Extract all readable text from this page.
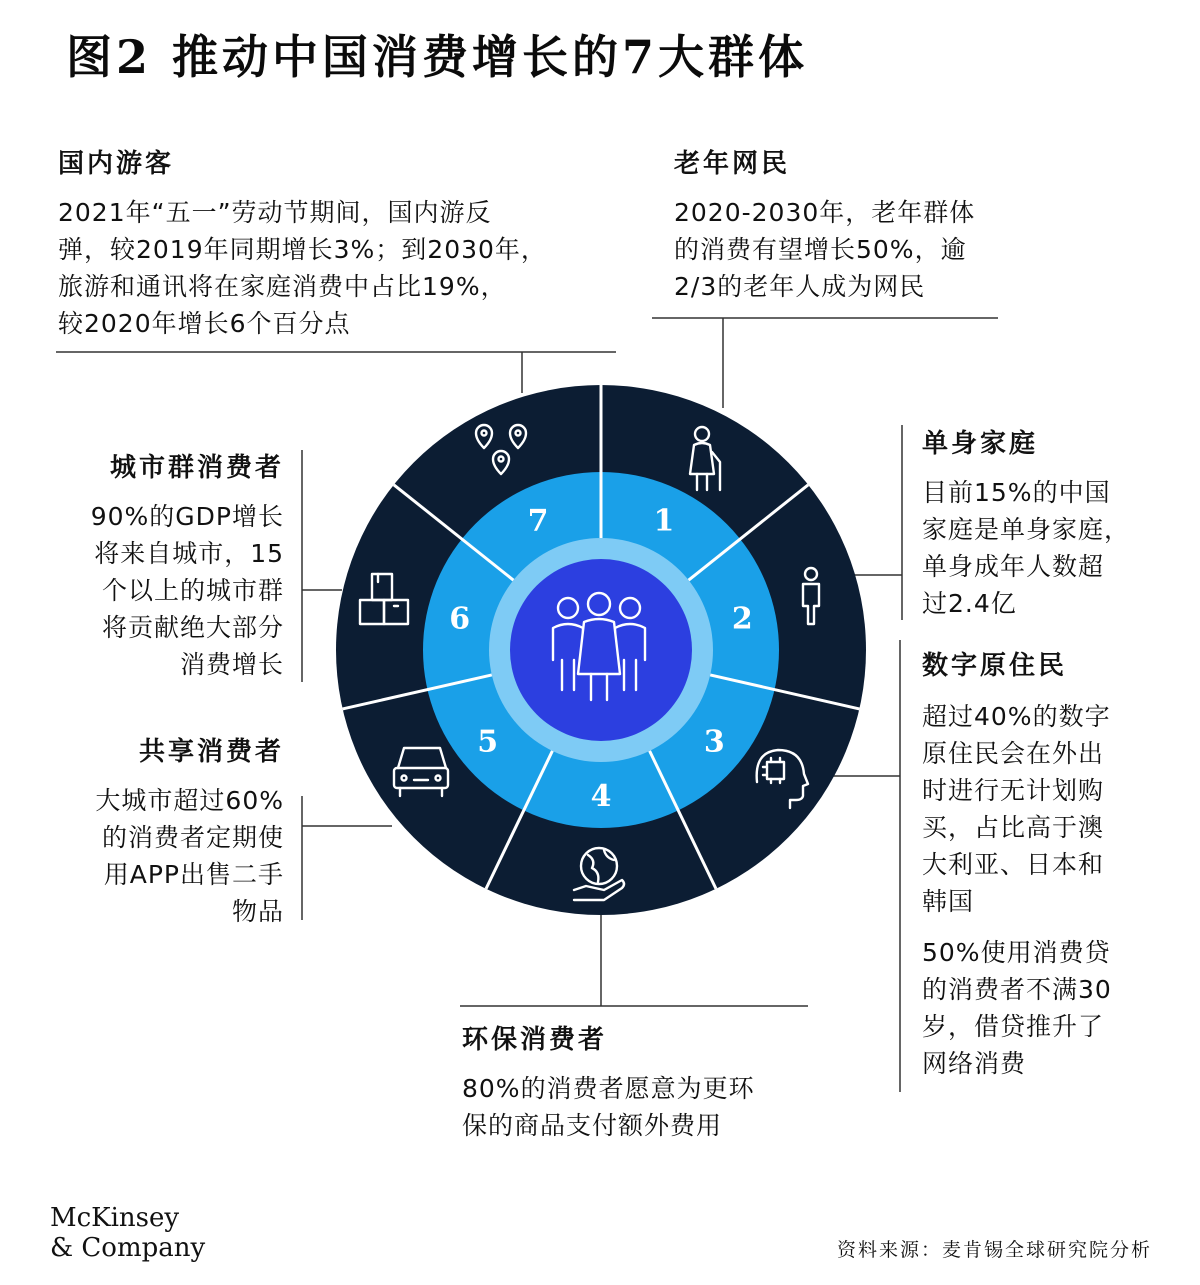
1
2
3
4
5
6
7
图2 推动中国消费增长的7大群体
国内游客

2021年“五一”劳动节期间，国内游反
弹，较2019年同期增长3%；到2030年，
旅游和通讯将在家庭消费中占比19%，
较2020年增长6个百分点

老年网民

2020-2030年，老年群体
的消费有望增长50%，逾
2/3的老年人成为网民

单身家庭

目前15%的中国
家庭是单身家庭，
单身成年人数超
过2.4亿

数字原住民

超过40%的数字
原住民会在外出
时进行无计划购
买，占比高于澳
大利亚、日本和
韩国

50%使用消费贷
的消费者不满30
岁，借贷推升了
网络消费

环保消费者

80%的消费者愿意为更环
保的商品支付额外费用

共享消费者

大城市超过60%
的消费者定期使
用APP出售二手
物品

城市群消费者

90%的GDP增长
将来自城市，15
个以上的城市群
将贡献绝大部分
消费增长

McKinsey
& Company	资料来源：麦肯锡全球研究院分析
